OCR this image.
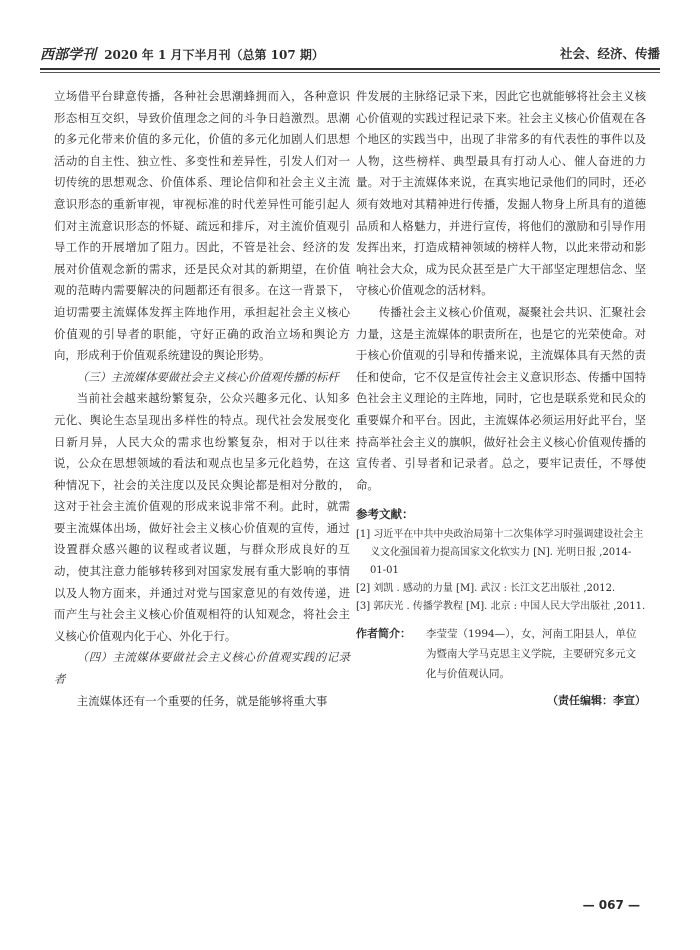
西部学刊 2020 年 1 月下半月刊（总第 107 期）	社会、经济、传播

立场借平台肆意传播，各种社会思潮蜂拥而入，各种意识形态相互交织，导致价值理念之间的斗争日趋激烈。思潮的多元化带来价值的多元化，价值的多元化加剧人们思想活动的自主性、独立性、多变性和差异性，引发人们对一切传统的思想观念、价值体系、理论信仰和社会主义主流意识形态的重新审视，审视标准的时代差异性可能引起人们对主流意识形态的怀疑、疏远和排斥，对主流价值观引导工作的开展增加了阻力。因此，不管是社会、经济的发展对价值观念新的需求，还是民众对其的新期望，在价值观的范畴内需要解决的问题都还有很多。在这一背景下，迫切需要主流媒体发挥主阵地作用，承担起社会主义核心价值观的引导者的职能，守好正确的政治立场和舆论方向，形成利于价值观系统建设的舆论形势。

（三）主流媒体要做社会主义核心价值观传播的标杆

当前社会越来越纷繁复杂，公众兴趣多元化、认知多元化、舆论生态呈现出多样性的特点。现代社会发展变化日新月异，人民大众的需求也纷繁复杂，相对于以往来说，公众在思想领域的看法和观点也呈多元化趋势，在这种情况下，社会的关注度以及民众舆论都是相对分散的，这对于社会主流价值观的形成来说非常不利。此时，就需要主流媒体出场，做好社会主义核心价值观的宣传，通过设置群众感兴趣的议程或者议题，与群众形成良好的互动，使其注意力能够转移到对国家发展有重大影响的事情以及人物方面来，并通过对党与国家意见的有效传递，进而产生与社会主义核心价值观相符的认知观念，将社会主义核心价值观内化于心、外化于行。

（四）主流媒体要做社会主义核心价值观实践的记录者

主流媒体还有一个重要的任务，就是能够将重大事

件发展的主脉络记录下来，因此它也就能够将社会主义核心价值观的实践过程记录下来。社会主义核心价值观在各个地区的实践当中，出现了非常多的有代表性的事件以及人物，这些榜样、典型最具有打动人心、催人奋进的力量。对于主流媒体来说，在真实地记录他们的同时，还必须有效地对其精神进行传播，发掘人物身上所具有的道德品质和人格魅力，并进行宣传，将他们的激励和引导作用发挥出来，打造成精神领域的榜样人物，以此来带动和影响社会大众，成为民众甚至是广大干部坚定理想信念、坚守核心价值观念的活材料。

传播社会主义核心价值观，凝聚社会共识、汇聚社会力量，这是主流媒体的职责所在，也是它的光荣使命。对于核心价值观的引导和传播来说，主流媒体具有天然的责任和使命，它不仅是宣传社会主义意识形态、传播中国特色社会主义理论的主阵地，同时，它也是联系党和民众的重要媒介和平台。因此，主流媒体必须运用好此平台，坚持高举社会主义的旗帜，做好社会主义核心价值观传播的宣传者、引导者和记录者。总之，要牢记责任，不辱使命。

参考文献：

[1] 习近平在中共中央政治局第十二次集体学习时强调建设社会主义文化强国着力提高国家文化软实力 [N]. 光明日报 ,2014-01-01

[2] 刘凯 . 感动的力量 [M]. 武汉 : 长江文艺出版社 ,2012.

[3] 郭庆光 . 传播学教程 [M]. 北京 : 中国人民大学出版社 ,2011.

作者简介：	李莹莹（1994—），女，河南工阳县人，单位为暨南大学马克思主义学院，主要研究多元文化与价值观认同。

（责任编辑：李宣）

— 067 —
